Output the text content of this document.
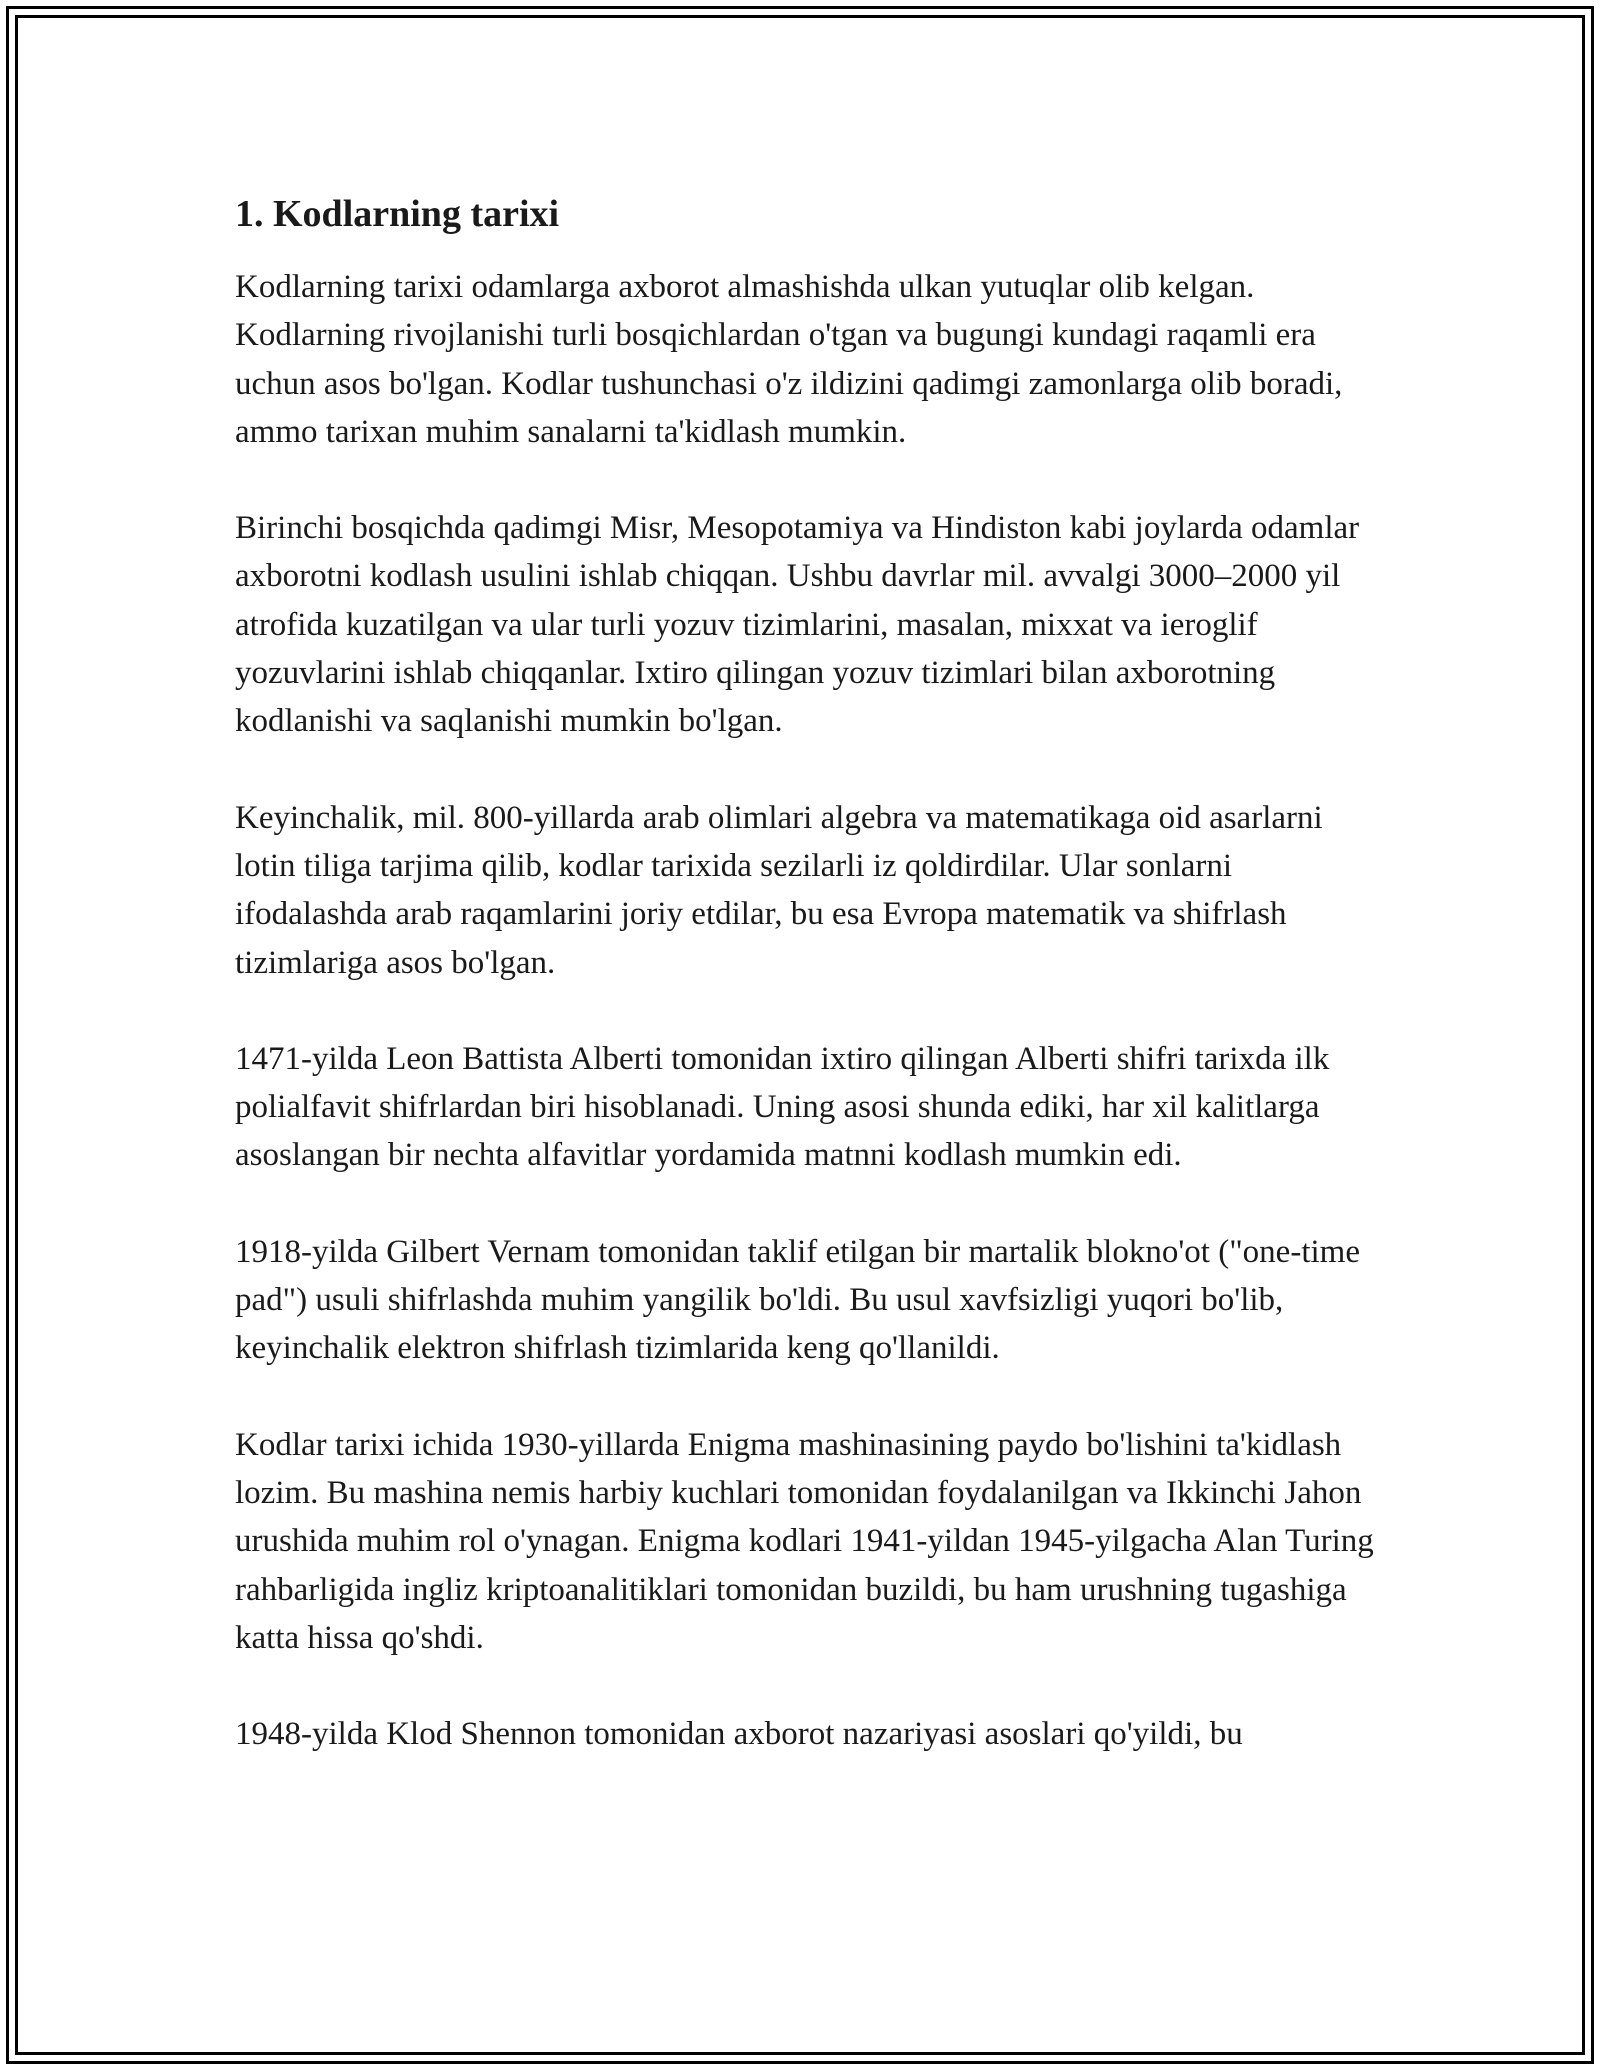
1. Kodlarning tarixi

Kodlarning tarixi odamlarga axborot almashishda ulkan yutuqlar olib kelgan. Kodlarning rivojlanishi turli bosqichlardan o'tgan va bugungi kundagi raqamli era uchun asos bo'lgan. Kodlar tushunchasi o'z ildizini qadimgi zamonlarga olib boradi, ammo tarixan muhim sanalarni ta'kidlash mumkin.

Birinchi bosqichda qadimgi Misr, Mesopotamiya va Hindiston kabi joylarda odamlar axborotni kodlash usulini ishlab chiqqan. Ushbu davrlar mil. avvalgi 3000–2000 yil atrofida kuzatilgan va ular turli yozuv tizimlarini, masalan, mixxat va ieroglif yozuvlarini ishlab chiqqanlar. Ixtiro qilingan yozuv tizimlari bilan axborotning kodlanishi va saqlanishi mumkin bo'lgan.

Keyinchalik, mil. 800-yillarda arab olimlari algebra va matematikaga oid asarlarni lotin tiliga tarjima qilib, kodlar tarixida sezilarli iz qoldirdilar. Ular sonlarni ifodalashda arab raqamlarini joriy etdilar, bu esa Evropa matematik va shifrlash tizimlariga asos bo'lgan.

1471-yilda Leon Battista Alberti tomonidan ixtiro qilingan Alberti shifri tarixda ilk polialfavit shifrlardan biri hisoblanadi. Uning asosi shunda ediki, har xil kalitlarga asoslangan bir nechta alfavitlar yordamida matnni kodlash mumkin edi.

1918-yilda Gilbert Vernam tomonidan taklif etilgan bir martalik blokno'ot ("one-time pad") usuli shifrlashda muhim yangilik bo'ldi. Bu usul xavfsizligi yuqori bo'lib, keyinchalik elektron shifrlash tizimlarida keng qo'llanildi.

Kodlar tarixi ichida 1930-yillarda Enigma mashinasining paydo bo'lishini ta'kidlash lozim. Bu mashina nemis harbiy kuchlari tomonidan foydalanilgan va Ikkinchi Jahon urushida muhim rol o'ynagan. Enigma kodlari 1941-yildan 1945-yilgacha Alan Turing rahbarligida ingliz kriptoanalitiklari tomonidan buzildi, bu ham urushning tugashiga katta hissa qo'shdi.

1948-yilda Klod Shennon tomonidan axborot nazariyasi asoslari qo'yildi, bu
